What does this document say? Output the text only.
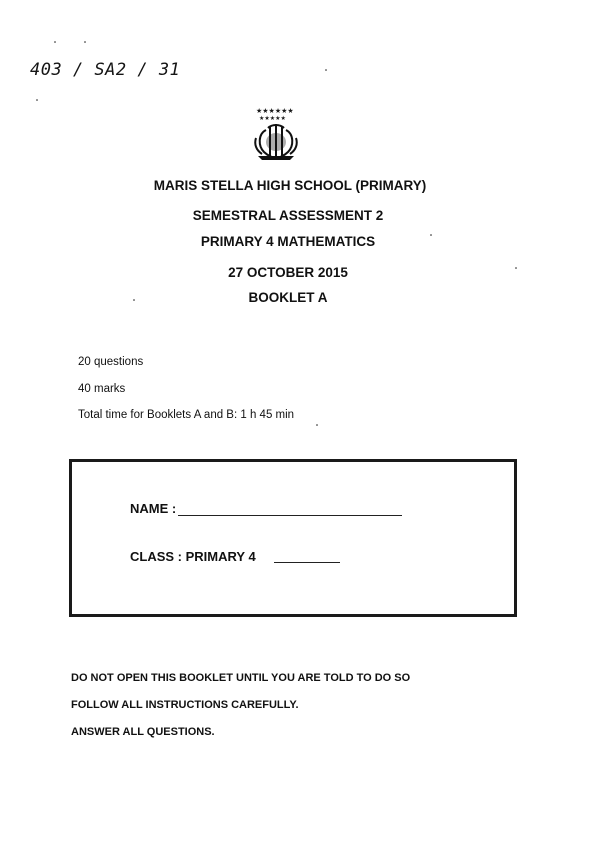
403 / SA2 / 31
★★★★★★
★★★★★
MARIS STELLA HIGH SCHOOL (PRIMARY)
SEMESTRAL ASSESSMENT 2
PRIMARY 4 MATHEMATICS
27 OCTOBER 2015
BOOKLET A
20 questions
40 marks
Total time for Booklets A and B: 1 h 45 min
NAME :
CLASS : PRIMARY 4
DO NOT OPEN THIS BOOKLET UNTIL YOU ARE TOLD TO DO SO
FOLLOW ALL INSTRUCTIONS CAREFULLY.
ANSWER ALL QUESTIONS.
